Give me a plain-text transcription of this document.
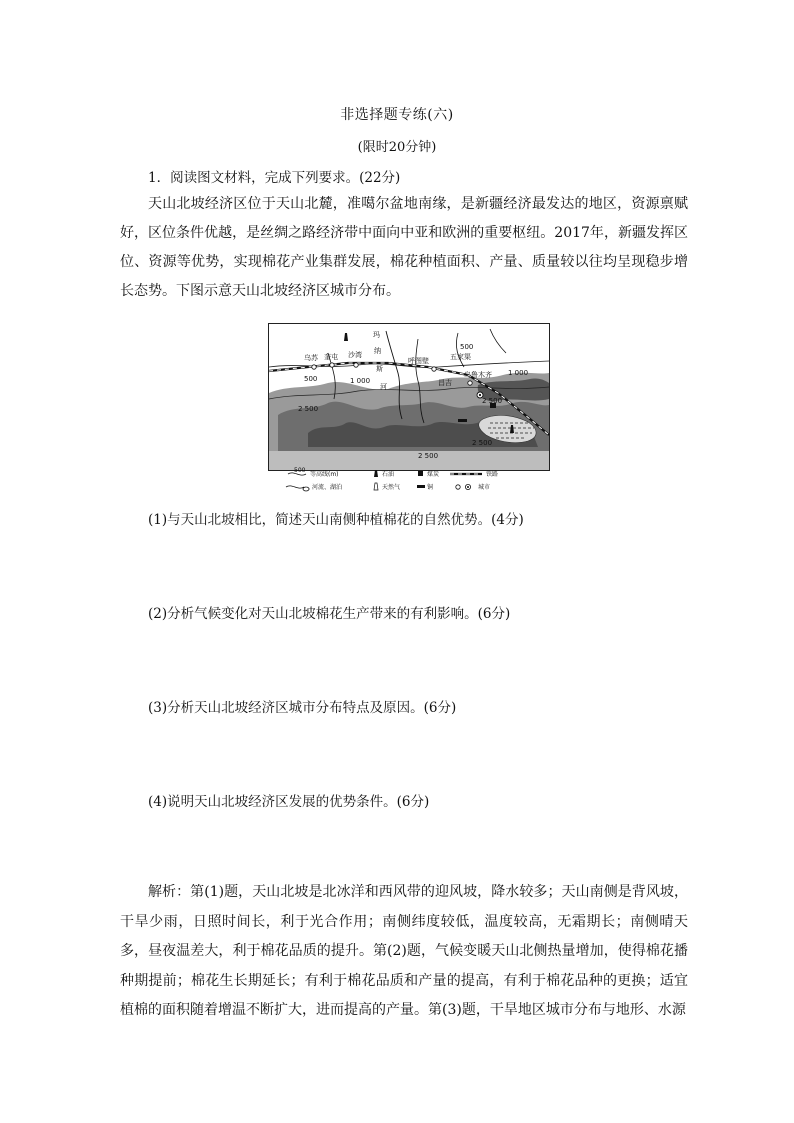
非选择题专练(六)
(限时20分钟)
1．阅读图文材料，完成下列要求。(22分)

天山北坡经济区位于天山北麓，准噶尔盆地南缘，是新疆经济最发达的地区，资源禀赋好，区位条件优越，是丝绸之路经济带中面向中亚和欧洲的重要枢纽。2017年，新疆发挥区位、资源等优势，实现棉花产业集群发展，棉花种植面积、产量、质量较以往均呈现稳步增长态势。下图示意天山北坡经济区城市分布。

乌苏 奎屯 沙湾
玛
纳
斯
河
呼图壁	五家渠
乌鲁木齐
昌吉
500
500
1 000
1 000
2 500
2 500
2 500
2 500
500
等高线(m)
河流、湖泊
石油
天然气
煤炭
铜
铁路
城市
(1)与天山北坡相比，简述天山南侧种植棉花的自然优势。(4分)
(2)分析气候变化对天山北坡棉花生产带来的有利影响。(6分)
(3)分析天山北坡经济区城市分布特点及原因。(6分)
(4)说明天山北坡经济区发展的优势条件。(6分)

解析：第(1)题，天山北坡是北冰洋和西风带的迎风坡，降水较多；天山南侧是背风坡，干旱少雨，日照时间长，利于光合作用；南侧纬度较低，温度较高，无霜期长；南侧晴天多，昼夜温差大，利于棉花品质的提升。第(2)题，气候变暖天山北侧热量增加，使得棉花播种期提前；棉花生长期延长；有利于棉花品质和产量的提高，有利于棉花品种的更换；适宜植棉的面积随着增温不断扩大，进而提高的产量。第(3)题，干旱地区城市分布与地形、水源
